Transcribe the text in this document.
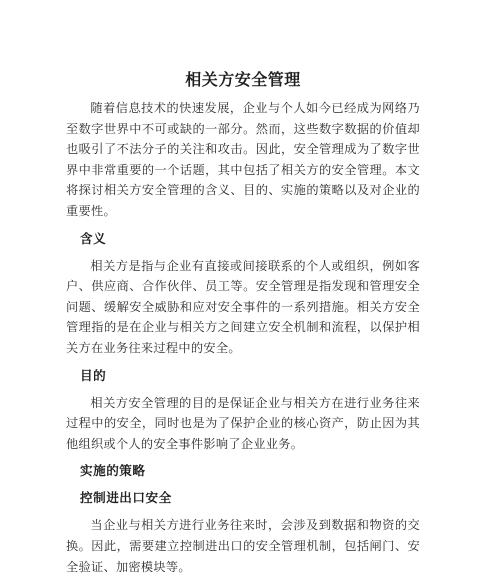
相关方安全管理

随着信息技术的快速发展，企业与个人如今已经成为网络乃至数字世界中不可或缺的一部分。然而，这些数字数据的价值却也吸引了不法分子的关注和攻击。因此，安全管理成为了数字世界中非常重要的一个话题，其中包括了相关方的安全管理。本文将探讨相关方安全管理的含义、目的、实施的策略以及对企业的重要性。

含义

相关方是指与企业有直接或间接联系的个人或组织，例如客户、供应商、合作伙伴、员工等。安全管理是指发现和管理安全问题、缓解安全威胁和应对安全事件的一系列措施。相关方安全管理指的是在企业与相关方之间建立安全机制和流程，以保护相关方在业务往来过程中的安全。

目的

相关方安全管理的目的是保证企业与相关方在进行业务往来过程中的安全，同时也是为了保护企业的核心资产，防止因为其他组织或个人的安全事件影响了企业业务。

实施的策略
控制进出口安全

当企业与相关方进行业务往来时，会涉及到数据和物资的交换。因此，需要建立控制进出口的安全管理机制，包括闸门、安全验证、加密模块等。
